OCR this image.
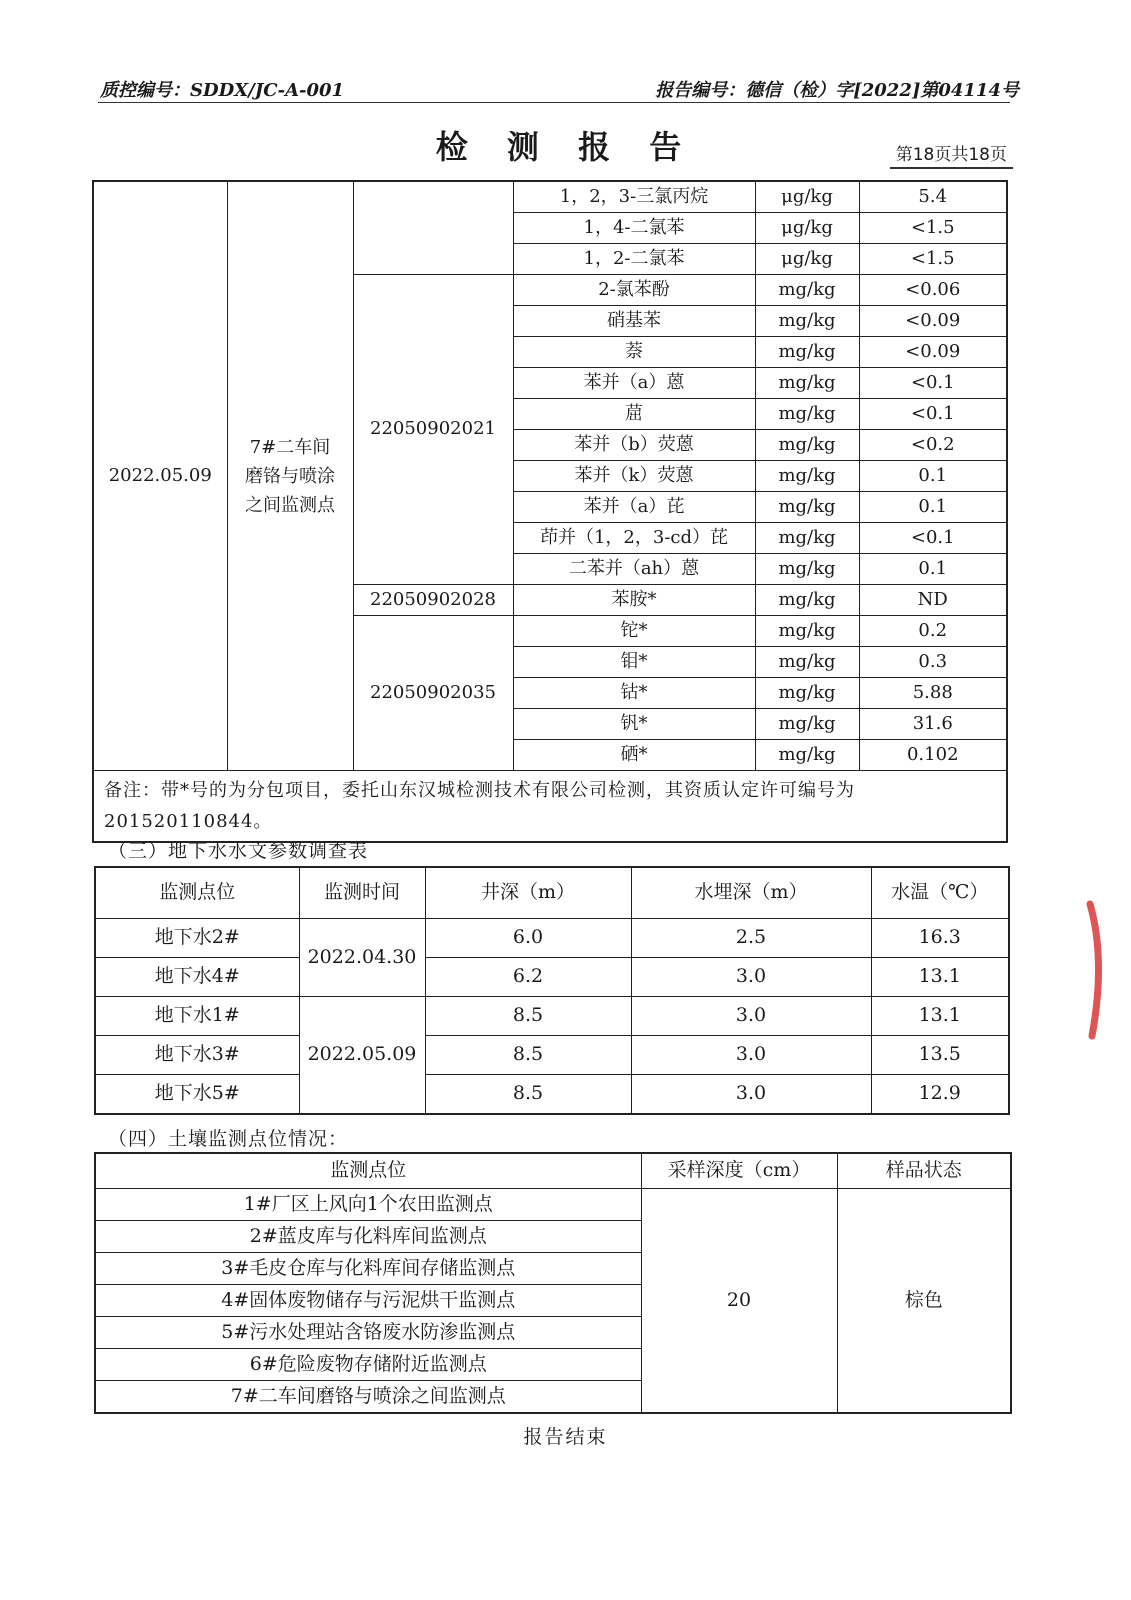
质控编号：SDDX/JC-A-001	报告编号：德信（检）字[2022]第04114号
检 测 报 告	第18页共18页
2022.05.09	7#二车间磨铬与喷涂之间监测点		1，2，3-三氯丙烷	μg/kg	5.4
			1，4-二氯苯	μg/kg	<1.5
			1，2-二氯苯	μg/kg	<1.5
		22050902021	2-氯苯酚	mg/kg	<0.06
			硝基苯	mg/kg	<0.09
			萘	mg/kg	<0.09
			苯并（a）蒽	mg/kg	<0.1
			䓛	mg/kg	<0.1
			苯并（b）荧蒽	mg/kg	<0.2
			苯并（k）荧蒽	mg/kg	0.1
			苯并（a）芘	mg/kg	0.1
			茚并（1，2，3-cd）芘	mg/kg	<0.1
			二苯并（ah）蒽	mg/kg	0.1
		22050902028	苯胺*	mg/kg	ND
		22050902035	铊*	mg/kg	0.2
			钼*	mg/kg	0.3
			钴*	mg/kg	5.88
			钒*	mg/kg	31.6
			硒*	mg/kg	0.102
备注：带*号的为分包项目，委托山东汉城检测技术有限公司检测，其资质认定许可编号为201520110844。					
（三）地下水水文参数调查表
监测点位	监测时间	井深（m）	水埋深（m）	水温（℃）
地下水2#	2022.04.30	6.0	2.5	16.3
地下水4#		6.2	3.0	13.1
地下水1#	2022.05.09	8.5	3.0	13.1
地下水3#		8.5	3.0	13.5
地下水5#		8.5	3.0	12.9
（四）土壤监测点位情况：
监测点位	采样深度（cm）	样品状态
1#厂区上风向1个农田监测点	20	棕色
2#蓝皮库与化料库间监测点		
3#毛皮仓库与化料库间存储监测点		
4#固体废物储存与污泥烘干监测点		
5#污水处理站含铬废水防渗监测点		
6#危险废物存储附近监测点		
7#二车间磨铬与喷涂之间监测点		
报告结束
